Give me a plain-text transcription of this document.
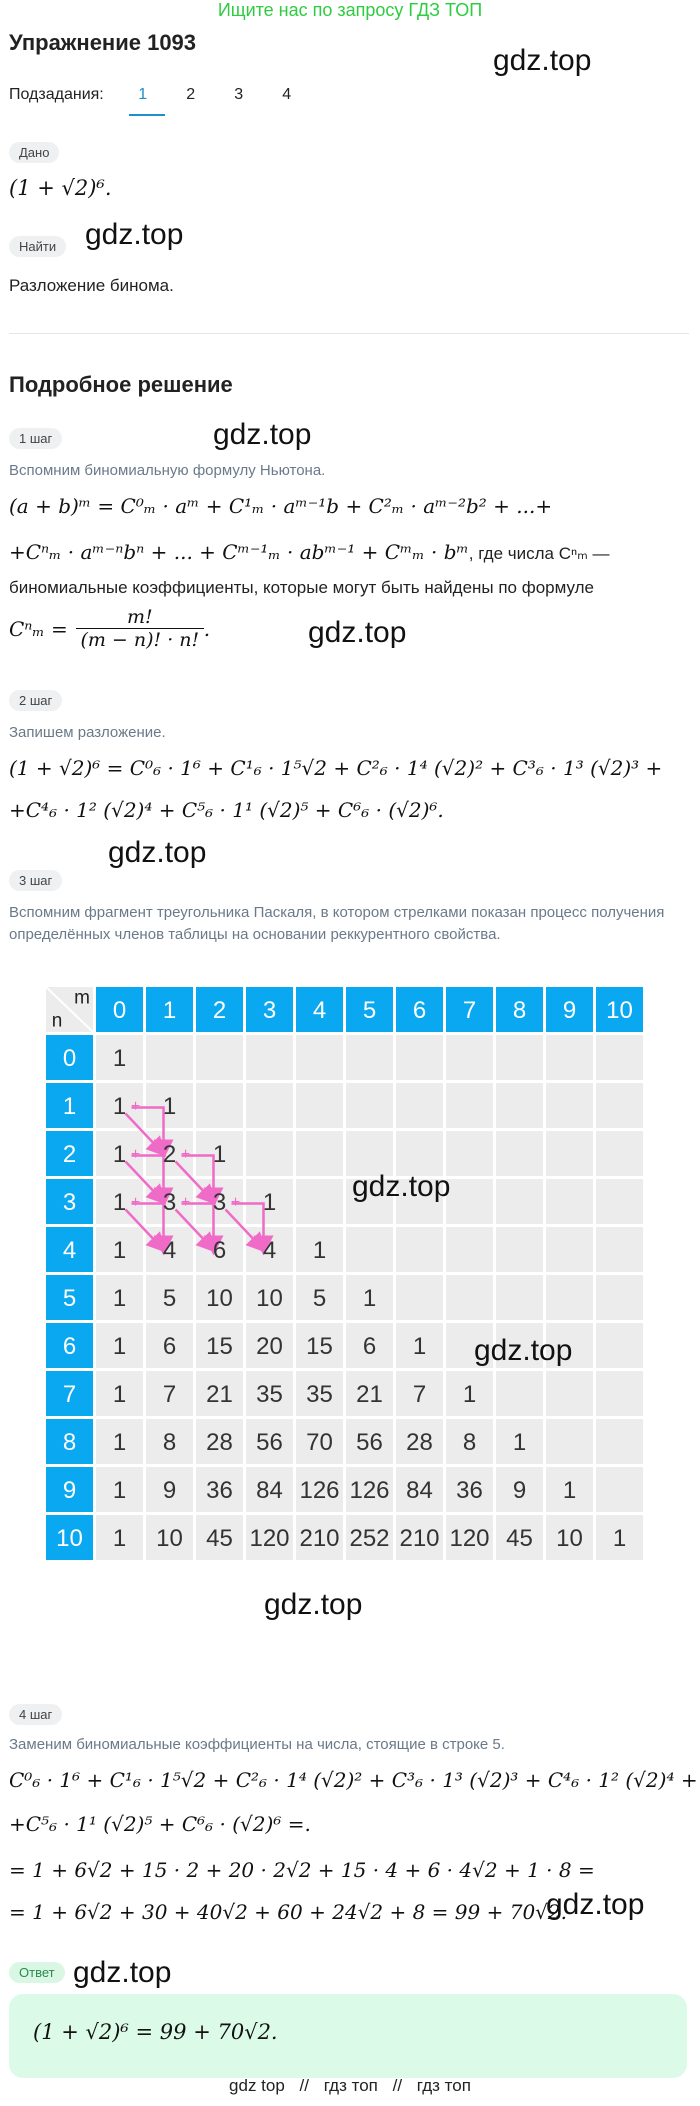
Ищите нас по запросу ГДЗ ТОП
Упражнение 1093
gdz.top
Подзадания: 1 2 3 4
Дано
(1 + √2)⁶.
Найти gdz.top
Разложение бинома.
Подробное решение
1 шаг	gdz.top
Вспомним биномиальную формулу Ньютона.
(a + b)ᵐ = C⁰ₘ · aᵐ + C¹ₘ · aᵐ⁻¹b + C²ₘ · aᵐ⁻²b² + ...+
+Cⁿₘ · aᵐ⁻ⁿbⁿ + ... + Cᵐ⁻¹ₘ · abᵐ⁻¹ + Cᵐₘ · bᵐ, где числа Cⁿₘ —
биномиальные коэффициенты, которые могут быть найдены по формуле
Cⁿₘ =	m!
(m − n)! · n! .	gdz.top
2 шаг
Запишем разложение.
(1 + √2)⁶ = C⁰₆ · 1⁶ + C¹₆ · 1⁵√2 + C²₆ · 1⁴ (√2)² + C³₆ · 1³ (√2)³ +
+C⁴₆ · 1² (√2)⁴ + C⁵₆ · 1¹ (√2)⁵ + C⁶₆ · (√2)⁶.
gdz.top
3 шаг
Вспомним фрагмент треугольника Паскаля, в котором стрелками показан процесс получения определённых членов таблицы на основании реккурентного свойства.
m
n 0 1 2 3 4 5 6 7 8 9 10
0 1
1 1 1
2 1 2 1
3 1 3 3 1
4 1 4 6 4 1
5 1 5 10 10 5 1
6 1 6 15 20 15 6 1
7 1 7 21 35 35 21 7 1
8 1 8 28 56 70 56 28 8 1
9 1 9 36 84 126 126 84 36 9 1
10 1 10 45 120 210 252 210 120 45 10 1
+
+	+
+	+	+	gdz.top
gdz.top
gdz.top
4 шаг
Заменим биномиальные коэффициенты на числа, стоящие в строке 5.
C⁰₆ · 1⁶ + C¹₆ · 1⁵√2 + C²₆ · 1⁴ (√2)² + C³₆ · 1³ (√2)³ + C⁴₆ · 1² (√2)⁴ +
+C⁵₆ · 1¹ (√2)⁵ + C⁶₆ · (√2)⁶ =.
= 1 + 6√2 + 15 · 2 + 20 · 2√2 + 15 · 4 + 6 · 4√2 + 1 · 8 =
= 1 + 6√2 + 30 + 40√2 + 60 + 24√2 + 8 = 99 + 70√2.
gdz.top
Ответ gdz.top
(1 + √2)⁶ = 99 + 70√2.
gdz top // гдз топ // гдз топ
